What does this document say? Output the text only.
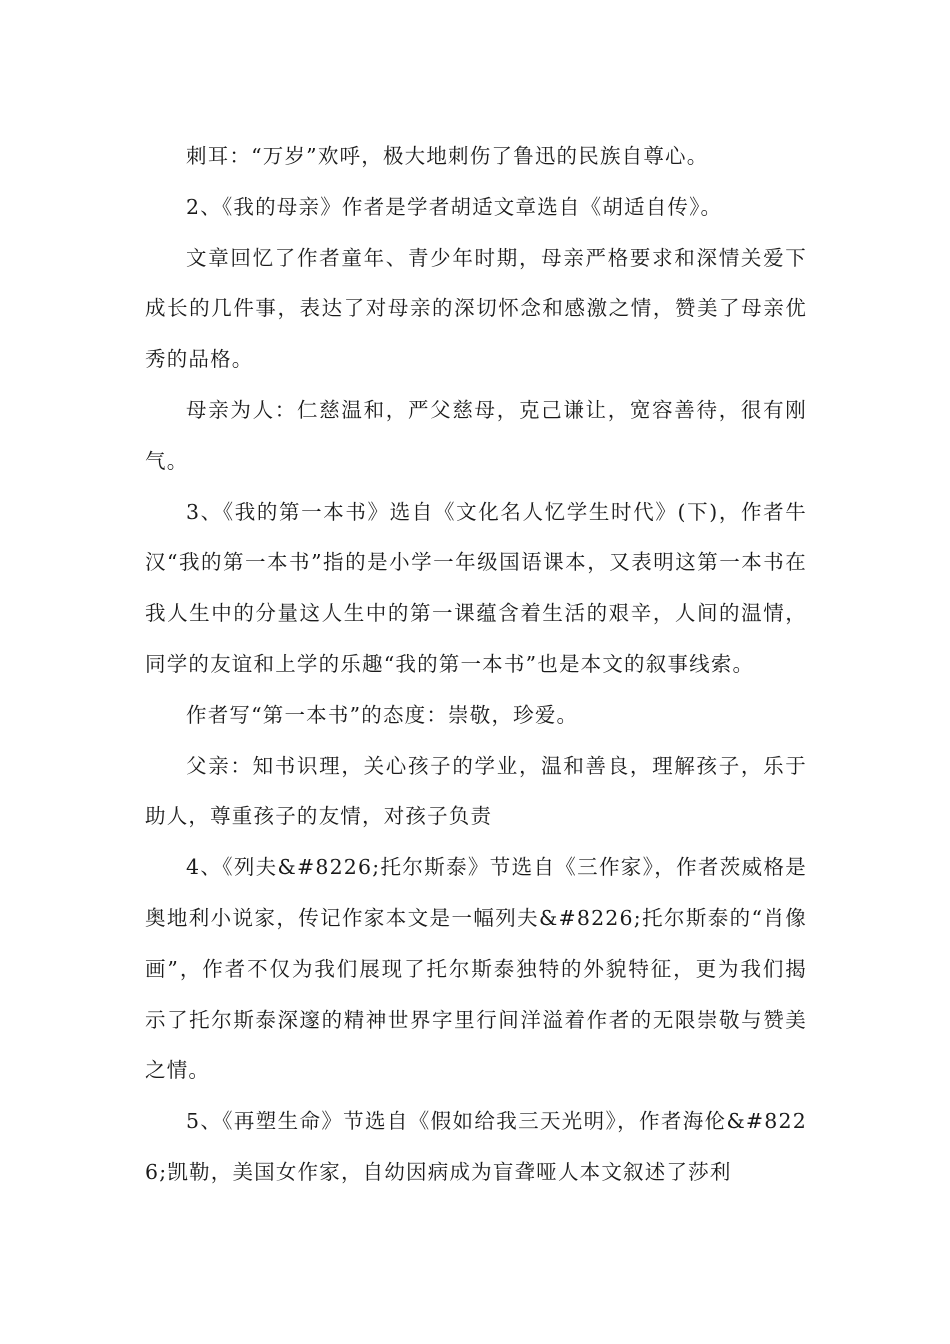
刺耳：“万岁”欢呼，极大地刺伤了鲁迅的民族自尊心。

2、《我的母亲》作者是学者胡适文章选自《胡适自传》。

文章回忆了作者童年、青少年时期，母亲严格要求和深情关爱下成长的几件事，表达了对母亲的深切怀念和感激之情，赞美了母亲优秀的品格。

母亲为人：仁慈温和，严父慈母，克己谦让，宽容善待，很有刚气。

3、《我的第一本书》选自《文化名人忆学生时代》(下)，作者牛汉“我的第一本书”指的是小学一年级国语课本，又表明这第一本书在我人生中的分量这人生中的第一课蕴含着生活的艰辛，人间的温情，同学的友谊和上学的乐趣“我的第一本书”也是本文的叙事线索。

作者写“第一本书”的态度：崇敬，珍爱。

父亲：知书识理，关心孩子的学业，温和善良，理解孩子，乐于助人，尊重孩子的友情，对孩子负责

4、《列夫&#8226;托尔斯泰》节选自《三作家》，作者茨威格是奥地利小说家，传记作家本文是一幅列夫&#8226;托尔斯泰的“肖像画”，作者不仅为我们展现了托尔斯泰独特的外貌特征，更为我们揭示了托尔斯泰深邃的精神世界字里行间洋溢着作者的无限崇敬与赞美之情。

5、《再塑生命》节选自《假如给我三天光明》，作者海伦&#8226;凯勒，美国女作家，自幼因病成为盲聋哑人本文叙述了莎利
